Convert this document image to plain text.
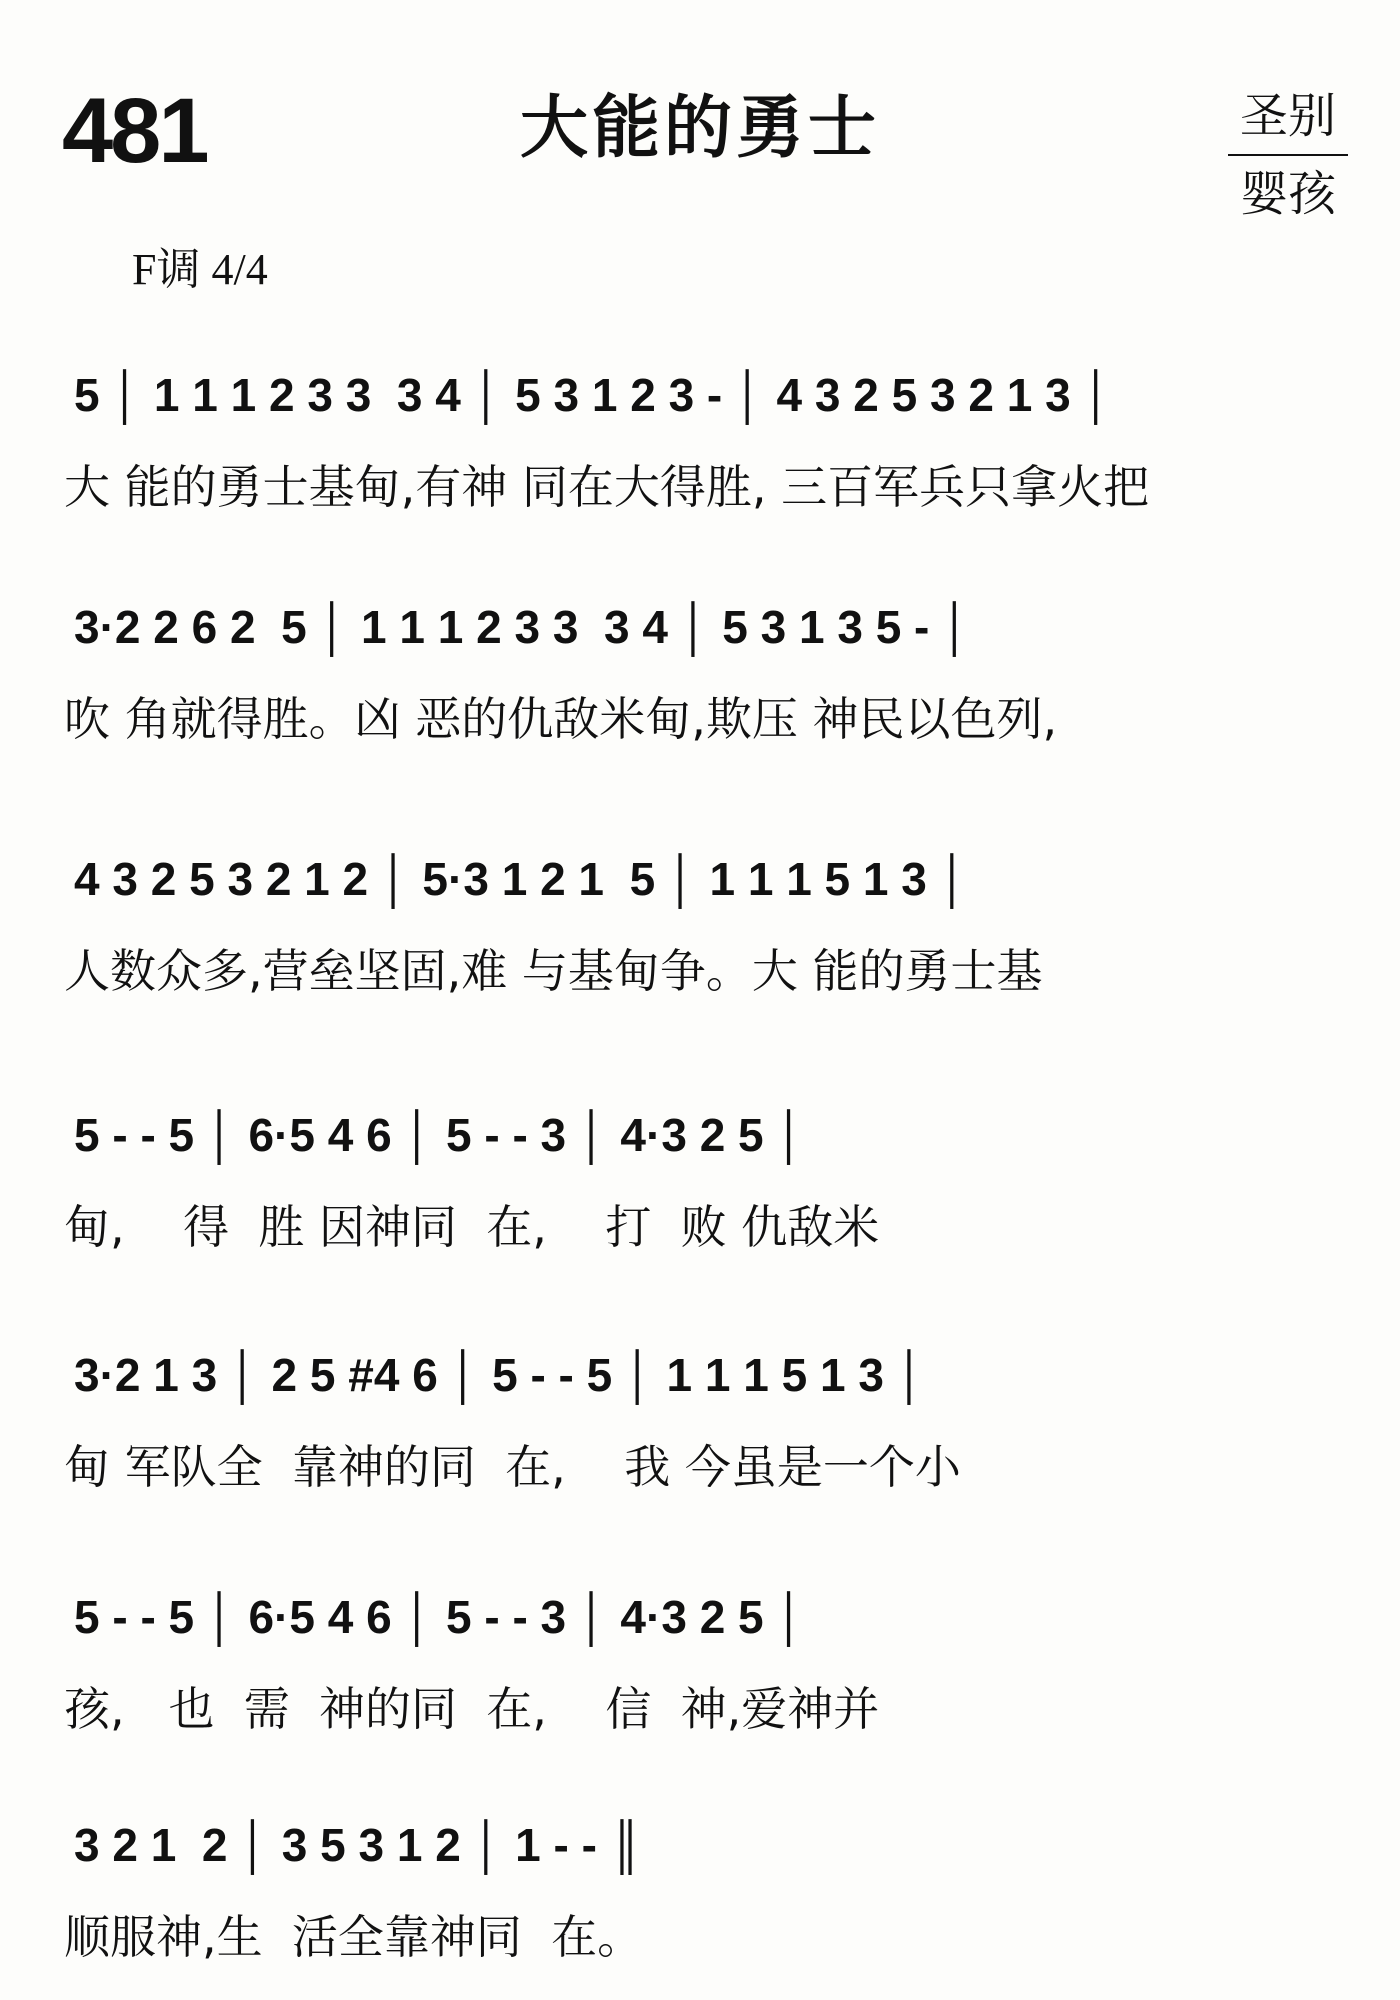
481	大能的勇士	圣别
婴孩
F调 4/4
5 │ 1 1 1 2 3 3  3 4 │ 5 3 1 2 3 - │ 4 3 2 5 3 2 1 3 │
大 能的勇士基甸,有神 同在大得胜, 三百军兵只拿火把
3·2 2 6 2  5 │ 1 1 1 2 3 3  3 4 │ 5 3 1 3 5 - │
吹 角就得胜。凶 恶的仇敌米甸,欺压 神民以色列,
4 3 2 5 3 2 1 2 │ 5·3 1 2 1  5 │ 1 1 1 5 1 3 │
人数众多,营垒坚固,难 与基甸争。大 能的勇士基
5 - - 5 │ 6·5 4 6 │ 5 - - 3 │ 4·3 2 5 │
甸,    得  胜 因神同  在,    打  败 仇敌米
3·2 1 3 │ 2 5 #4 6 │ 5 - - 5 │ 1 1 1 5 1 3 │
甸 军队全  靠神的同  在,    我 今虽是一个小
5 - - 5 │ 6·5 4 6 │ 5 - - 3 │ 4·3 2 5 │
孩,   也  需  神的同  在,    信  神,爱神并
3 2 1  2 │ 3 5 3 1 2 │ 1 - - ║
顺服神,生  活全靠神同  在。
